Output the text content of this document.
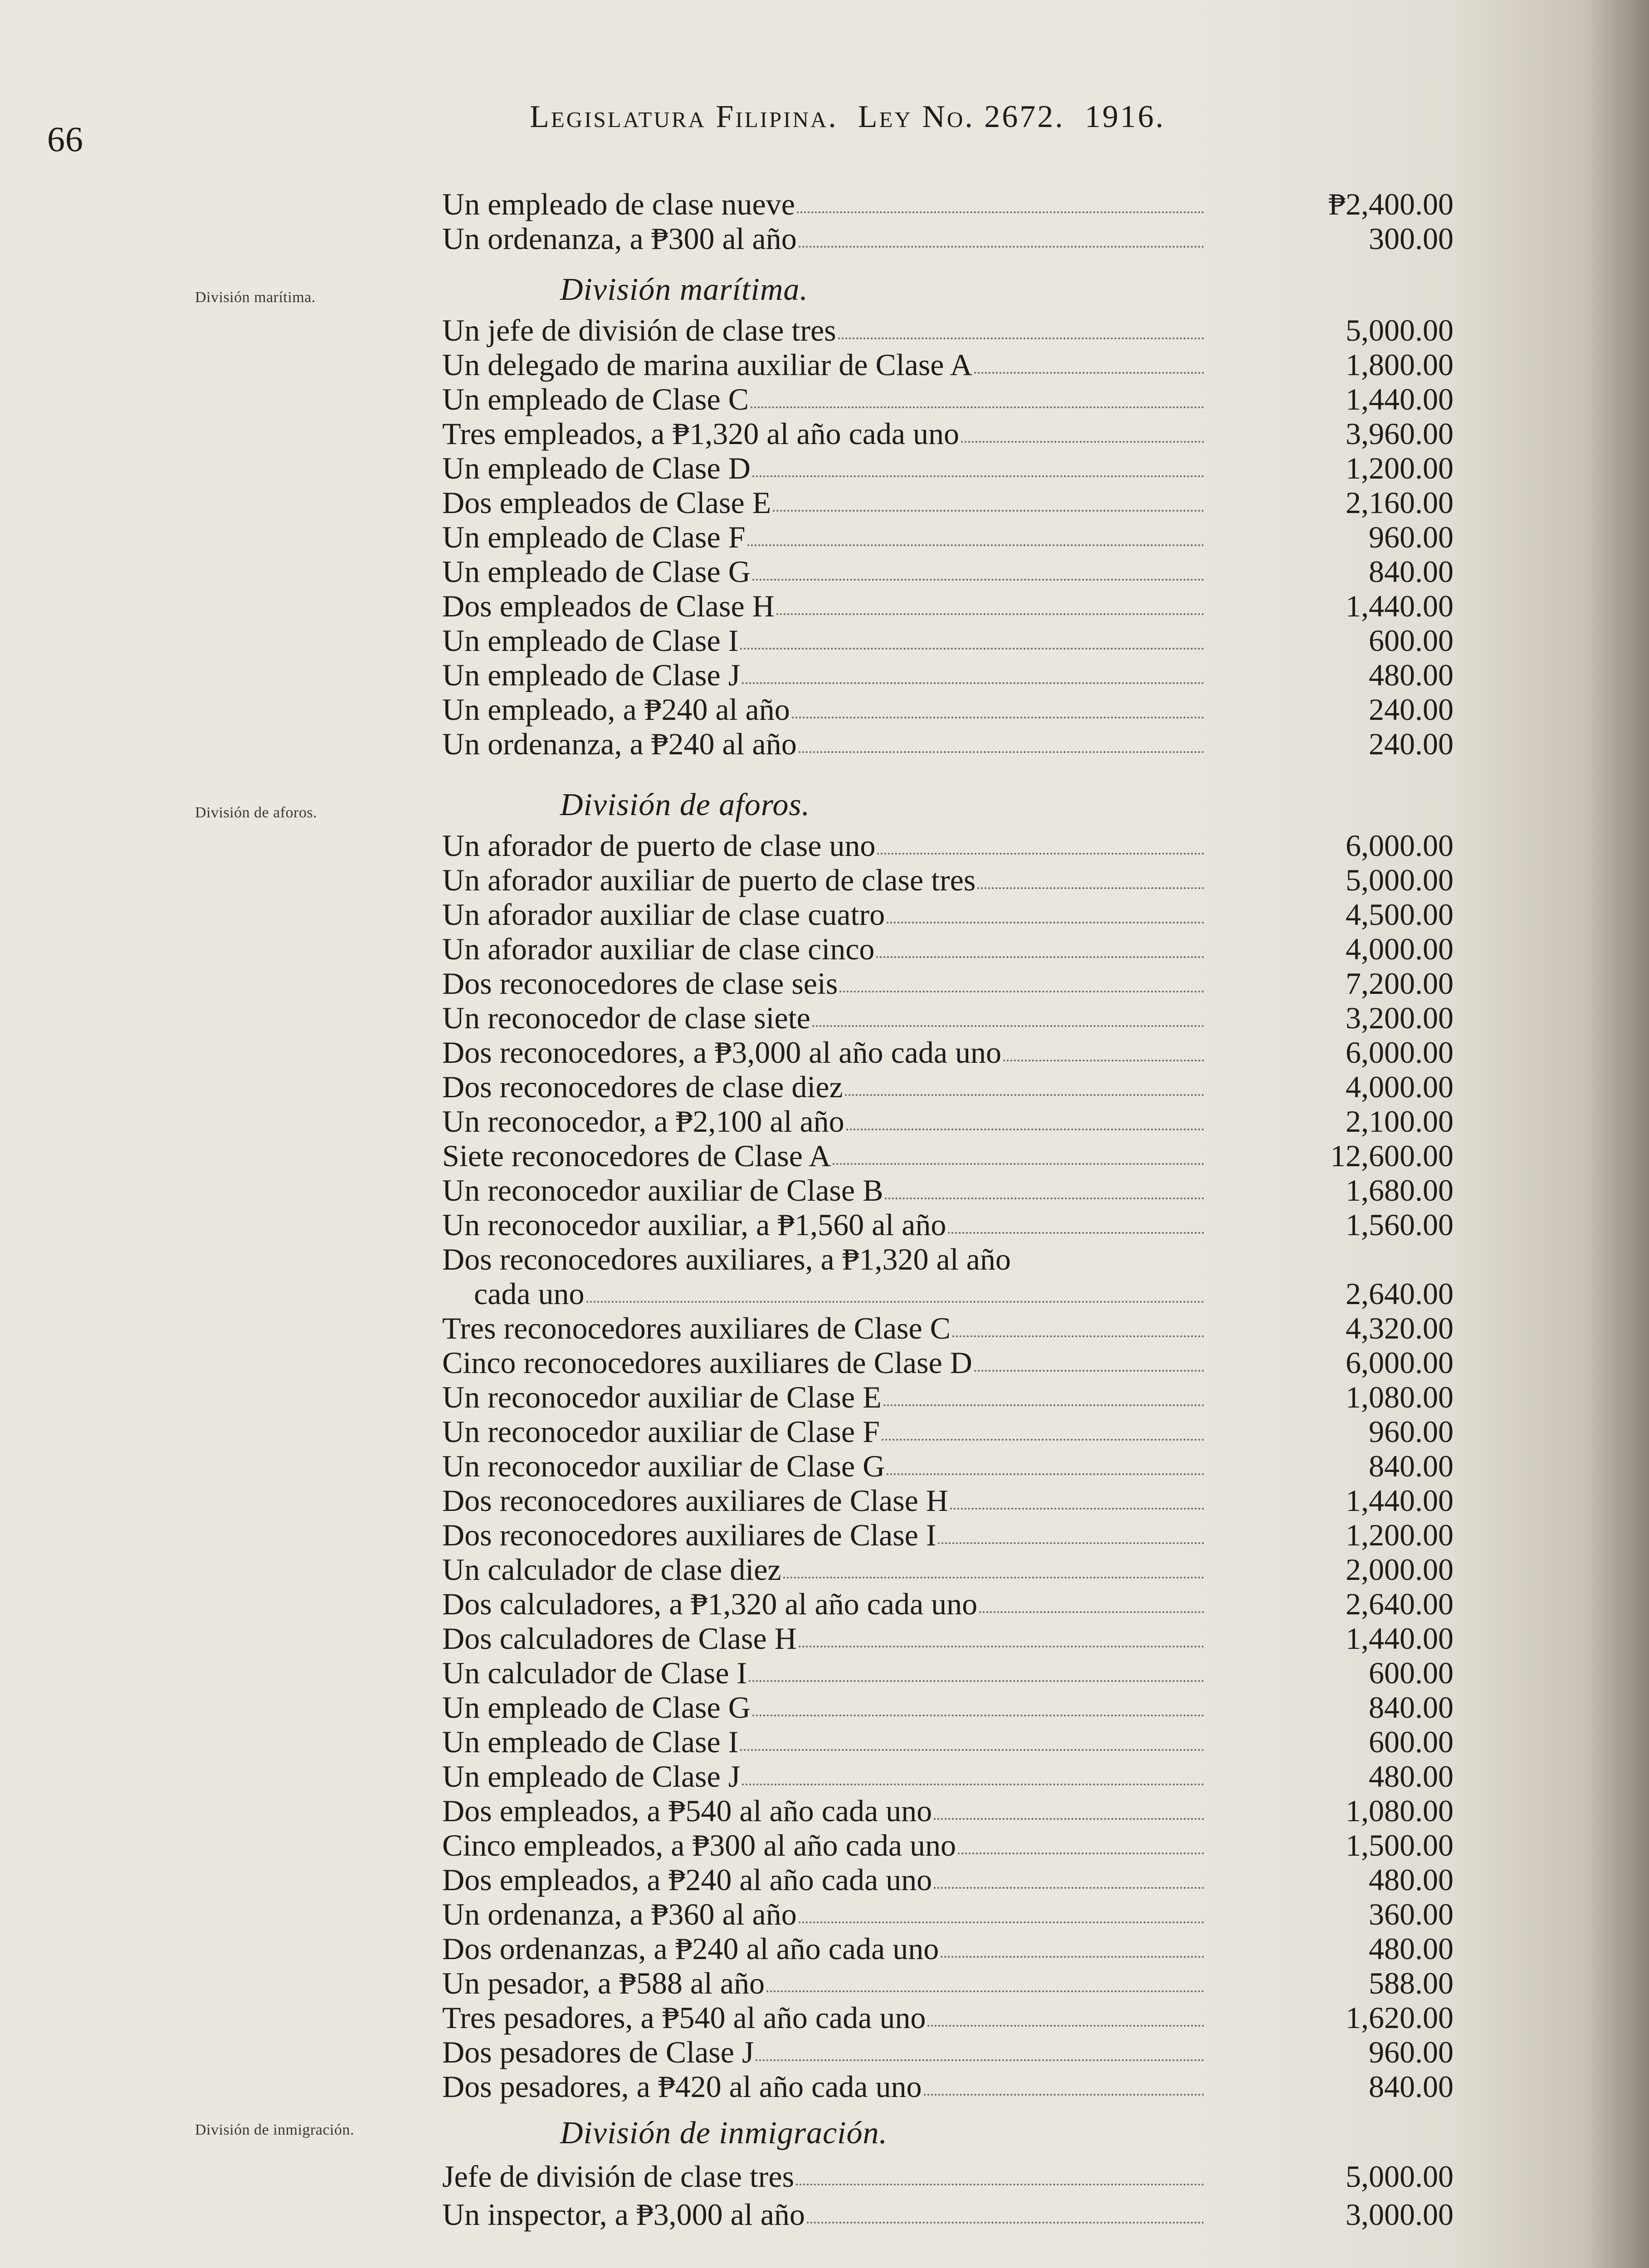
66
Legislatura Filipina. Ley No. 2672. 1916.
División marítima.
División de aforos.
División de inmigración.
Un empleado de clase nueve	₱2,400.00
Un ordenanza, a ₱300 al año	300.00
División marítima.
Un jefe de división de clase tres	5,000.00
Un delegado de marina auxiliar de Clase A	1,800.00
Un empleado de Clase C	1,440.00
Tres empleados, a ₱1,320 al año cada uno	3,960.00
Un empleado de Clase D	1,200.00
Dos empleados de Clase E	2,160.00
Un empleado de Clase F	960.00
Un empleado de Clase G	840.00
Dos empleados de Clase H	1,440.00
Un empleado de Clase I	600.00
Un empleado de Clase J	480.00
Un empleado, a ₱240 al año	240.00
Un ordenanza, a ₱240 al año	240.00
División de aforos.
Un aforador de puerto de clase uno	6,000.00
Un aforador auxiliar de puerto de clase tres	5,000.00
Un aforador auxiliar de clase cuatro	4,500.00
Un aforador auxiliar de clase cinco	4,000.00
Dos reconocedores de clase seis	7,200.00
Un reconocedor de clase siete	3,200.00
Dos reconocedores, a ₱3,000 al año cada uno	6,000.00
Dos reconocedores de clase diez	4,000.00
Un reconocedor, a ₱2,100 al año	2,100.00
Siete reconocedores de Clase A	12,600.00
Un reconocedor auxiliar de Clase B	1,680.00
Un reconocedor auxiliar, a ₱1,560 al año	1,560.00
Dos reconocedores auxiliares, a ₱1,320 al año
cada uno	2,640.00
Tres reconocedores auxiliares de Clase C	4,320.00
Cinco reconocedores auxiliares de Clase D	6,000.00
Un reconocedor auxiliar de Clase E	1,080.00
Un reconocedor auxiliar de Clase F	960.00
Un reconocedor auxiliar de Clase G	840.00
Dos reconocedores auxiliares de Clase H	1,440.00
Dos reconocedores auxiliares de Clase I	1,200.00
Un calculador de clase diez	2,000.00
Dos calculadores, a ₱1,320 al año cada uno	2,640.00
Dos calculadores de Clase H	1,440.00
Un calculador de Clase I	600.00
Un empleado de Clase G	840.00
Un empleado de Clase I	600.00
Un empleado de Clase J	480.00
Dos empleados, a ₱540 al año cada uno	1,080.00
Cinco empleados, a ₱300 al año cada uno	1,500.00
Dos empleados, a ₱240 al año cada uno	480.00
Un ordenanza, a ₱360 al año	360.00
Dos ordenanzas, a ₱240 al año cada uno	480.00
Un pesador, a ₱588 al año	588.00
Tres pesadores, a ₱540 al año cada uno	1,620.00
Dos pesadores de Clase J	960.00
Dos pesadores, a ₱420 al año cada uno	840.00
División de inmigración.
Jefe de división de clase tres	5,000.00
Un inspector, a ₱3,000 al año	3,000.00
